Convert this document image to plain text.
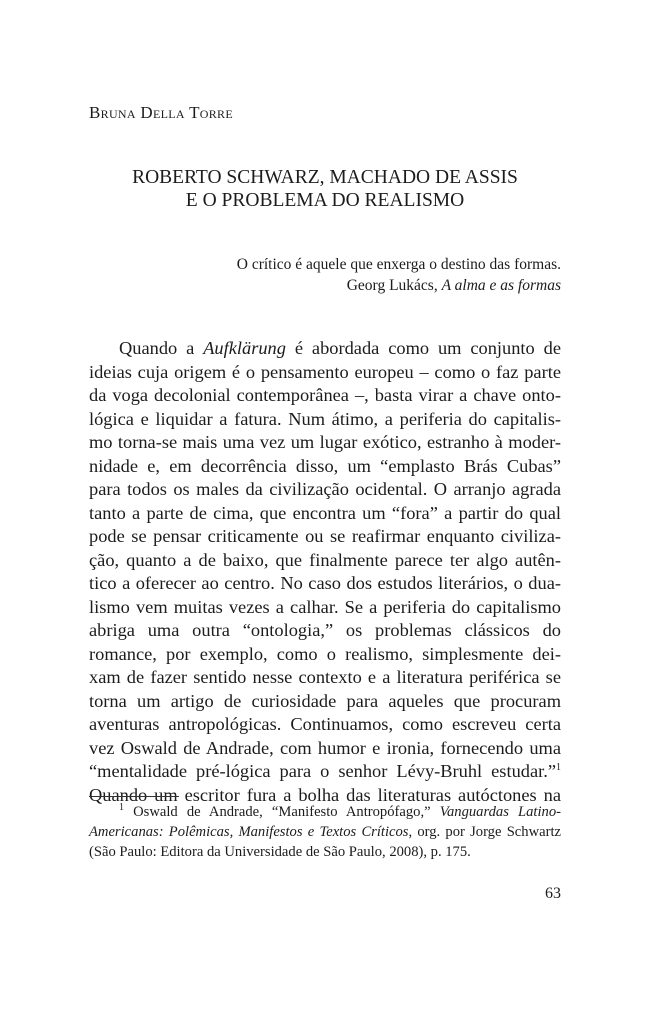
Bruna Della Torre
ROBERTO SCHWARZ, MACHADO DE ASSIS
E O PROBLEMA DO REALISMO
O crítico é aquele que enxerga o destino das formas.
Georg Lukács, A alma e as formas
Quando a Aufklärung é abordada como um conjunto de
ideias cuja origem é o pensamento europeu – como o faz parte
da voga decolonial contemporânea –, basta virar a chave onto-
lógica e liquidar a fatura. Num átimo, a periferia do capitalis-
mo torna-se mais uma vez um lugar exótico, estranho à moder-
nidade e, em decorrência disso, um “emplasto Brás Cubas”
para todos os males da civilização ocidental. O arranjo agrada
tanto a parte de cima, que encontra um “fora” a partir do qual
pode se pensar criticamente ou se reafirmar enquanto civiliza-
ção, quanto a de baixo, que finalmente parece ter algo autên-
tico a oferecer ao centro. No caso dos estudos literários, o dua-
lismo vem muitas vezes a calhar. Se a periferia do capitalismo
abriga uma outra “ontologia,” os problemas clássicos do
romance, por exemplo, como o realismo, simplesmente dei-
xam de fazer sentido nesse contexto e a literatura periférica se
torna um artigo de curiosidade para aqueles que procuram
aventuras antropológicas. Continuamos, como escreveu certa
vez Oswald de Andrade, com humor e ironia, fornecendo uma
“mentalidade pré-lógica para o senhor Lévy-Bruhl estudar.”$^1$
Quando um escritor fura a bolha das literaturas autóctones na
$^1$ Oswald de Andrade, “Manifesto Antropófago,” Vanguardas Latino-
Americanas: Polêmicas, Manifestos e Textos Críticos, org. por Jorge Schwartz
(São Paulo: Editora da Universidade de São Paulo, 2008), p. 175.
63
